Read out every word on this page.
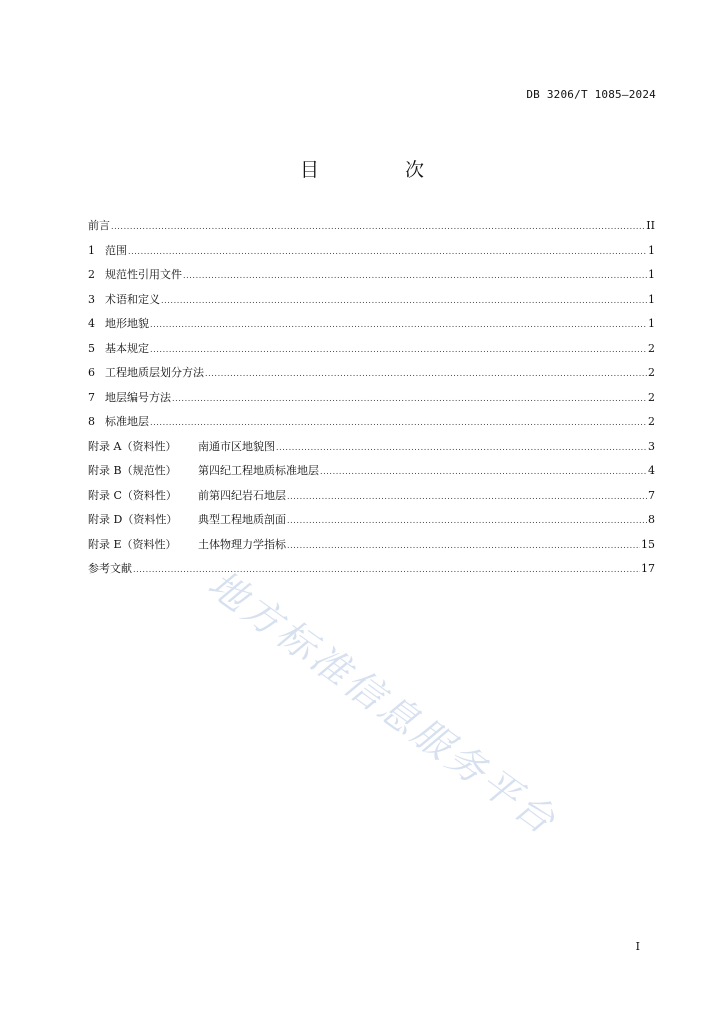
DB 3206/T 1085—2024
目 次
前言 .....	II
1 范围 .....	1
2 规范性引用文件 .....	1
3 术语和定义 .....	1
4 地形地貌 .....	1
5 基本规定 .....	2
6 工程地质层划分方法 .....	2
7 地层编号方法 .....	2
8 标准地层 .....	2
附录 A（资料性）	南通市区地貌图 .....	3
附录 B（规范性）	第四纪工程地质标准地层 .....	4
附录 C（资料性）	前第四纪岩石地层 .....	7
附录 D（资料性）	典型工程地质剖面 .....	8
附录 E（资料性）	土体物理力学指标 .....	15
参考文献 .....	17
地方标准信息服务平台
I
